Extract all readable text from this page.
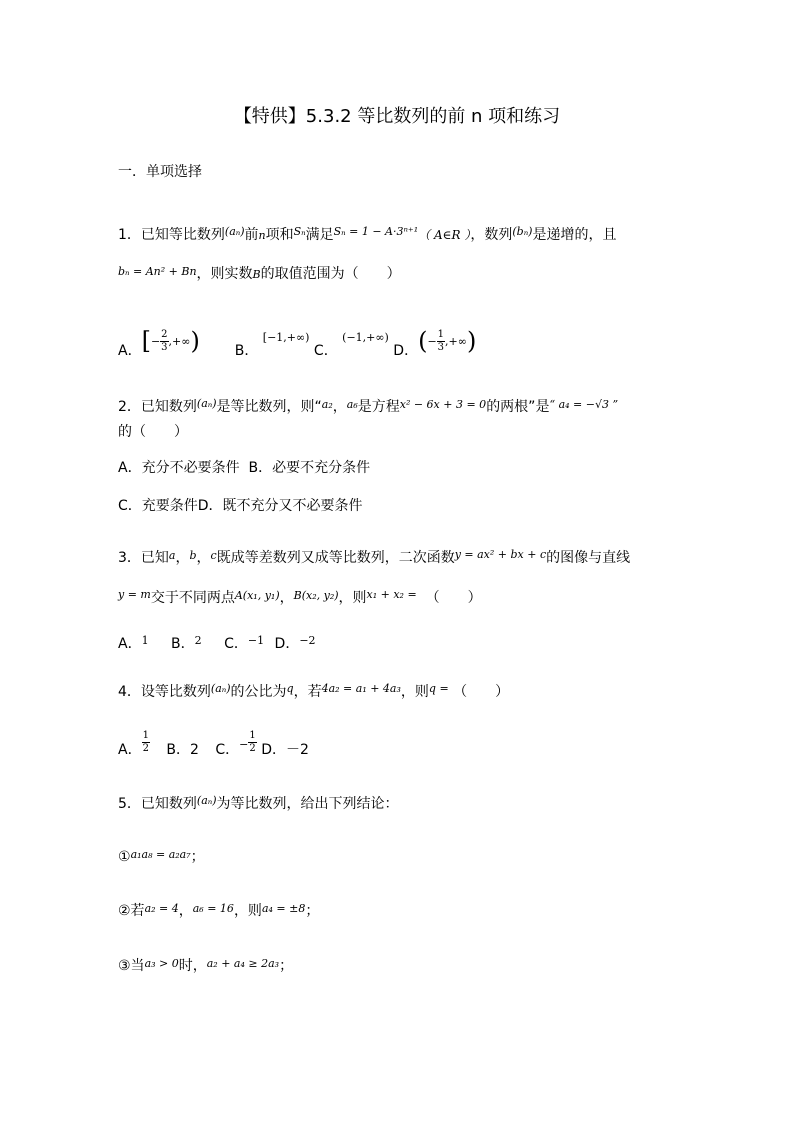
【特供】5.3.2 等比数列的前 n 项和练习
一．单项选择
1．已知等比数列$^{(a_n)}$前n项和$^{S_n}$满足$^{S_n = 1 - A\cdot 3^{n+1}}$（ A∈R ），数列$^{(b_n)}$是递增的，且
$^{b_n = An^2 + Bn}$，则实数B的取值范围为（　　）
A．[− $\frac{2}{3}$ ,+∞) B． $^{[-1,+\infty)}$ C． $^{(-1,+\infty)}$ D．(− $\frac{1}{3}$ ,+∞)
2．已知数列$^{(a_n)}$是等比数列，则“$^{a_2}$，$^{a_6}$是方程$^{x^2 - 6x + 3 = 0}$的两根”是$^{“ a_4 = -√3 ”}$
的（　　）
A．充分不必要条件 B．必要不充分条件
C．充要条件D．既不充分又不必要条件
3．已知$^a$，$^b$，$^c$既成等差数列又成等比数列，二次函数$^{y = ax^2 + bx + c}$的图像与直线
$^{y = m}$交于不同两点$^{A(x_1, y_1)}$，$^{B(x_2, y_2)}$，则$^{x_1 + x_2 =}$ （　　）
A．$^1$ B．$^2$ C．$^{-1}$ D．$^{-2}$
4．设等比数列$^{(a_n)}$的公比为$^q$，若$^{4a_2 = a_1 + 4a_3}$，则$^{q =}$ （　　）
A． $\frac{1}{2}$ B．2 C．− $\frac{1}{2}$ D．－2
5．已知数列$^{(a_n)}$为等比数列，给出下列结论：
①$^{a_1a_8 = a_2a_7}$；
②若$^{a_2 = 4}$，$^{a_6 = 16}$，则$^{a_4 = \pm 8}$；
③当$^{a_3 > 0}$时，$^{a_2 + a_4 \ge 2a_3}$；
